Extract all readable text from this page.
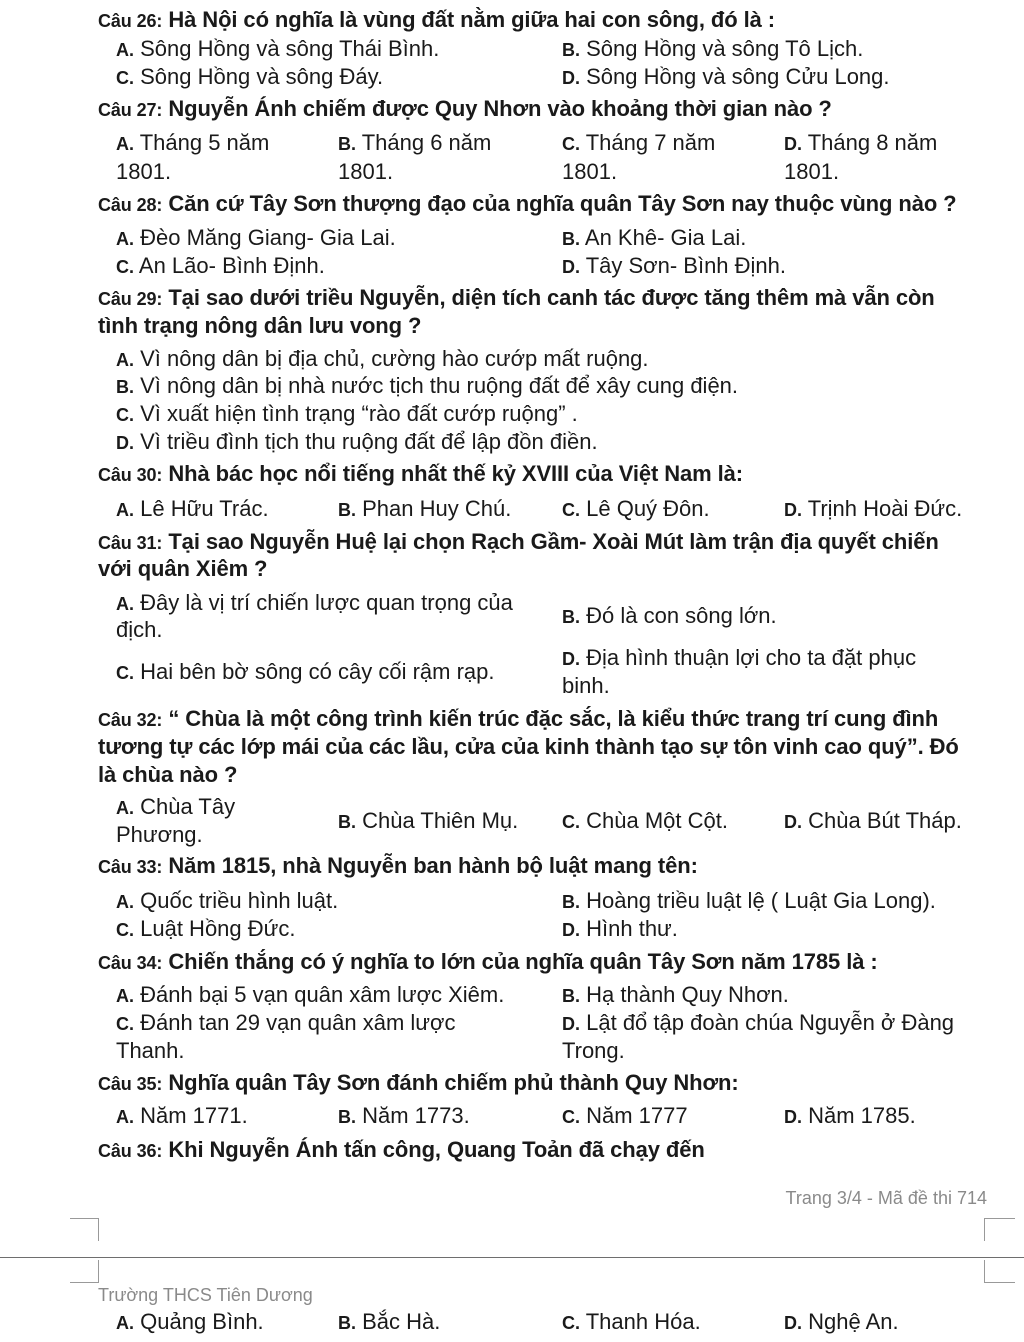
Câu 26: Hà Nội có nghĩa là vùng đất nằm giữa hai con sông, đó là :
A. Sông Hồng và sông Thái Bình.	B. Sông Hồng và sông Tô Lịch.
C. Sông Hồng và sông Đáy.	D. Sông Hồng và sông Cửu Long.
Câu 27: Nguyễn Ánh chiếm được Quy Nhơn vào khoảng thời gian nào ?
A. Tháng 5 năm
1801.
B. Tháng 6 năm
1801.
C. Tháng 7 năm
1801.
D. Tháng 8 năm
1801.
Câu 28: Căn cứ Tây Sơn thượng đạo của nghĩa quân Tây Sơn nay thuộc vùng nào ?
A. Đèo Măng Giang- Gia Lai.	B. An Khê- Gia Lai.
C. An Lão- Bình Định.	D. Tây Sơn- Bình Định.
Câu 29: Tại sao dưới triều Nguyễn, diện tích canh tác được tăng thêm mà vẫn còn
tình trạng nông dân lưu vong ?
A. Vì nông dân bị địa chủ, cường hào cướp mất ruộng.
B. Vì nông dân bị nhà nước tịch thu ruộng đất để xây cung điện.
C. Vì xuất hiện tình trạng “rào đất cướp ruộng” .
D. Vì triều đình tịch thu ruộng đất để lập đồn điền.
Câu 30: Nhà bác học nổi tiếng nhất thế kỷ XVIII của Việt Nam là:
A. Lê Hữu Trác.	B. Phan Huy Chú.	C. Lê Quý Đôn.	D. Trịnh Hoài Đức.
Câu 31: Tại sao Nguyễn Huệ lại chọn Rạch Gầm- Xoài Mút làm trận địa quyết chiến
với quân Xiêm ?
A. Đây là vị trí chiến lược quan trọng của
địch.	B. Đó là con sông lớn.
C. Hai bên bờ sông có cây cối rậm rạp.	D. Địa hình thuận lợi cho ta đặt phục
binh.
Câu 32: “ Chùa là một công trình kiến trúc đặc sắc, là kiểu thức trang trí cung đình
tương tự các lớp mái của các lầu, cửa của kinh thành tạo sự tôn vinh cao quý”. Đó
là chùa nào ?
A. Chùa Tây
Phương.	B. Chùa Thiên Mụ. C. Chùa Một Cột.	D. Chùa Bút Tháp.
Câu 33: Năm 1815, nhà Nguyễn ban hành bộ luật mang tên:
A. Quốc triều hình luật.	B. Hoàng triều luật lệ ( Luật Gia Long).
C. Luật Hồng Đức.	D. Hình thư.
Câu 34: Chiến thắng có ý nghĩa to lớn của nghĩa quân Tây Sơn năm 1785 là :
A. Đánh bại 5 vạn quân xâm lược Xiêm.	B. Hạ thành Quy Nhơn.
C. Đánh tan 29 vạn quân xâm lược
Thanh.
D. Lật đổ tập đoàn chúa Nguyễn ở Đàng
Trong.
Câu 35: Nghĩa quân Tây Sơn đánh chiếm phủ thành Quy Nhơn:
A. Năm 1771.	B. Năm 1773.	C. Năm 1777	D. Năm 1785.
Câu 36: Khi Nguyễn Ánh tấn công, Quang Toản đã chạy đến
Trang 3/4 - Mã đề thi 714
Trường THCS Tiên Dương
A. Quảng Bình.	B. Bắc Hà.	C. Thanh Hóa.	D. Nghệ An.
